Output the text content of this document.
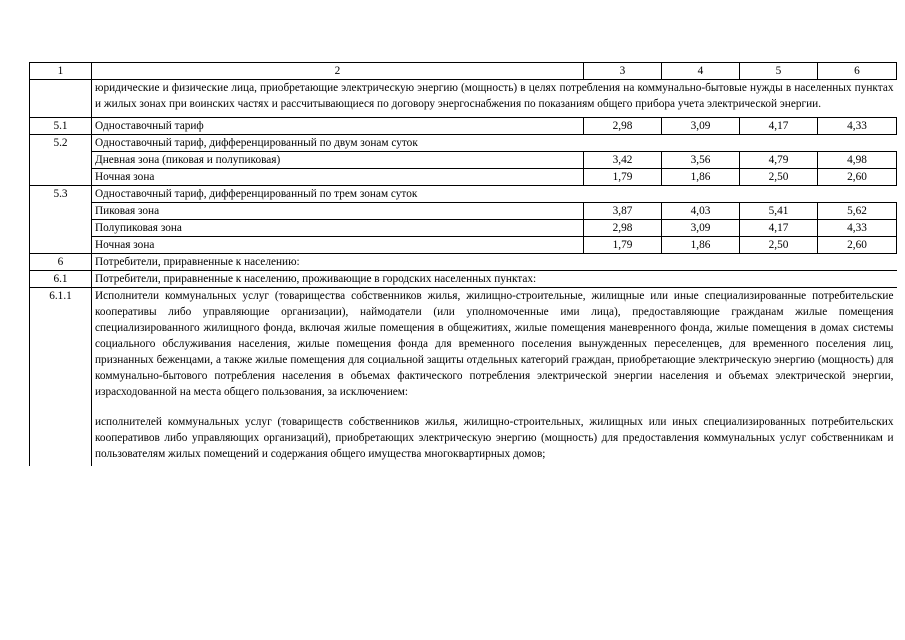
1	2	3	4	5	6

	юридические и физические лица, приобретающие электрическую энергию (мощность) в целях потребления на коммунально-бытовые нужды в населенных пунктах и жилых зонах при воинских частях и рассчитывающиеся по договору энергоснабжения по показаниям общего прибора учета электрической энергии.				

5.1	Одноставочный тариф	2,98	3,09	4,17	4,33
5.2	Одноставочный тариф, дифференцированный по двум зонам суток				
	Дневная зона (пиковая и полупиковая)	3,42	3,56	4,79	4,98
	Ночная зона	1,79	1,86	2,50	2,60
5.3	Одноставочный тариф, дифференцированный по трем зонам суток				
	Пиковая зона	3,87	4,03	5,41	5,62
	Полупиковая зона	2,98	3,09	4,17	4,33
	Ночная зона	1,79	1,86	2,50	2,60
6	Потребители, приравненные к населению:				
6.1	Потребители, приравненные к населению, проживающие в городских населенных пунктах:				
6.1.1	Исполнители коммунальных услуг (товарищества собственников жилья, жилищно-строительные, жилищные или иные специализированные потребительские кооперативы либо управляющие организации), наймодатели (или уполномоченные ими лица), предоставляющие гражданам жилые помещения специализированного жилищного фонда, включая жилые помещения в общежитиях, жилые помещения маневренного фонда, жилые помещения в домах системы социального обслуживания населения, жилые помещения фонда для временного поселения вынужденных переселенцев, для временного поселения лиц, признанных беженцами, а также жилые помещения для социальной защиты отдельных категорий граждан, приобретающие электрическую энергию (мощность) для коммунально-бытового потребления населения в объемах фактического потребления электрической энергии населения и объемах электрической энергии, израсходованной на места общего пользования, за исключением:

исполнителей коммунальных услуг (товариществ собственников жилья, жилищно-строительных, жилищных или иных специализированных потребительских кооперативов либо управляющих организаций), приобретающих электрическую энергию (мощность) для предоставления коммунальных услуг собственникам и пользователям жилых помещений и содержания общего имущества многоквартирных домов;				
